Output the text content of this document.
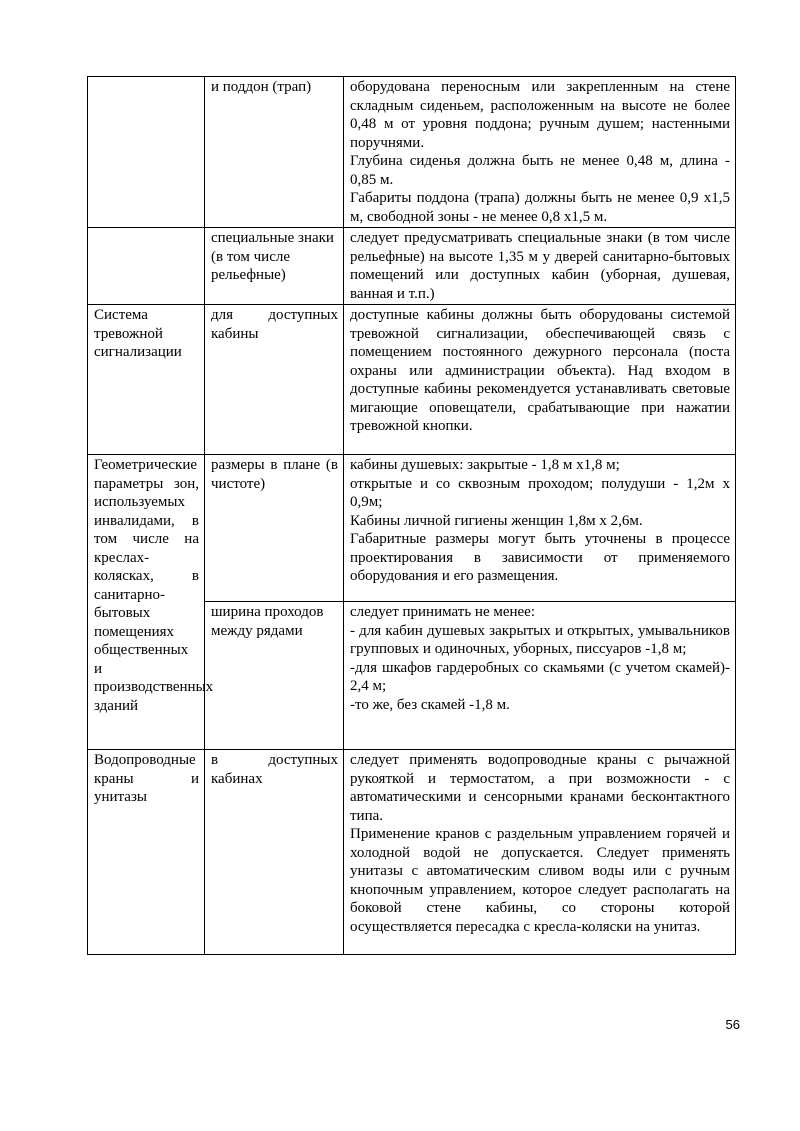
	и поддон (трап)	оборудована переносным или закрепленным на стене складным сиденьем, расположенным на высоте не более 0,48 м от уровня поддона; ручным душем; настенными поручнями.

Глубина сиденья должна быть не менее 0,48 м, длина - 0,85 м.

Габариты поддона (трапа) должны быть не менее 0,9 х1,5 м, свободной зоны - не менее 0,8 х1,5 м.

	специальные знаки (в том числе рельефные)	следует предусматривать специальные знаки (в том числе рельефные) на высоте 1,35 м у дверей санитарно-бытовых помещений или доступных кабин (уборная, душевая, ванная и т.п.)

Система тревожной сигнализации	для доступных кабины	доступные кабины должны быть оборудованы системой тревожной сигнализации, обеспечивающей связь с помещением постоянного дежурного персонала (поста охраны или администрации объекта). Над входом в доступные кабины рекомендуется устанавливать световые мигающие оповещатели, срабатывающие при нажатии тревожной кнопки.

Геометрические параметры зон, используемых инвалидами, в том числе на креслах-колясках, в санитарно-бытовых помещениях общественных и производственных зданий	размеры в плане (в чистоте)	кабины душевых: закрытые - 1,8 м х1,8 м;

открытые и со сквозным проходом; полудуши - 1,2м х 0,9м;

Кабины личной гигиены женщин 1,8м х 2,6м.

Габаритные размеры могут быть уточнены в процессе проектирования в зависимости от применяемого оборудования и его размещения.

	ширина проходов между рядами	следует принимать не менее:

- для кабин душевых закрытых и открытых, умывальников групповых и одиночных, уборных, писсуаров -1,8 м;

-для шкафов гардеробных со скамьями (с учетом скамей)- 2,4 м;

-то же, без скамей -1,8 м.

Водопроводные краны и унитазы	в доступных кабинах	следует применять водопроводные краны с рычажной рукояткой и термостатом, а при возможности - с автоматическими и сенсорными кранами бесконтактного типа.

Применение кранов с раздельным управлением горячей и холодной водой не допускается. Следует применять унитазы с автоматическим сливом воды или с ручным кнопочным управлением, которое следует располагать на боковой стене кабины, со стороны которой осуществляется пересадка с кресла-коляски на унитаз.

56
